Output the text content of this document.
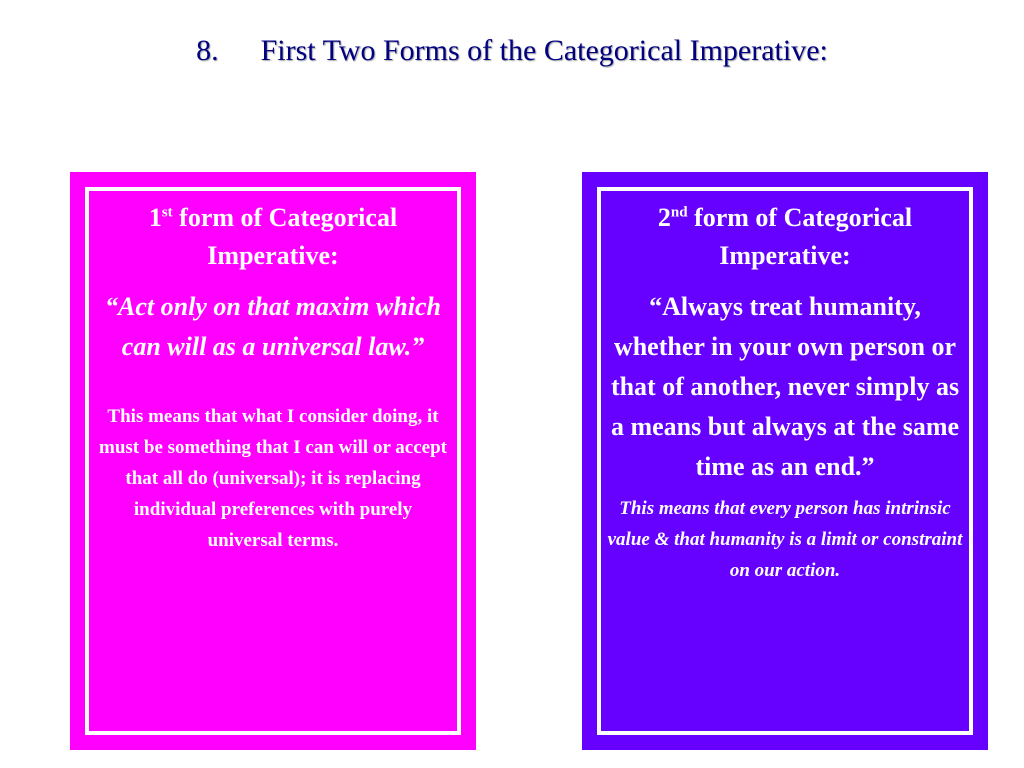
8. First Two Forms of the Categorical Imperative:

1st form of Categorical Imperative:

“Act only on that maxim which can will as a universal law.”

This means that what I consider doing, it must be something that I can will or accept that all do (universal); it is replacing individual preferences with purely universal terms.

2nd form of Categorical Imperative:

“Always treat humanity, whether in your own person or that of another, never simply as a means but always at the same time as an end.”

This means that every person has intrinsic value & that humanity is a limit or constraint on our action.
